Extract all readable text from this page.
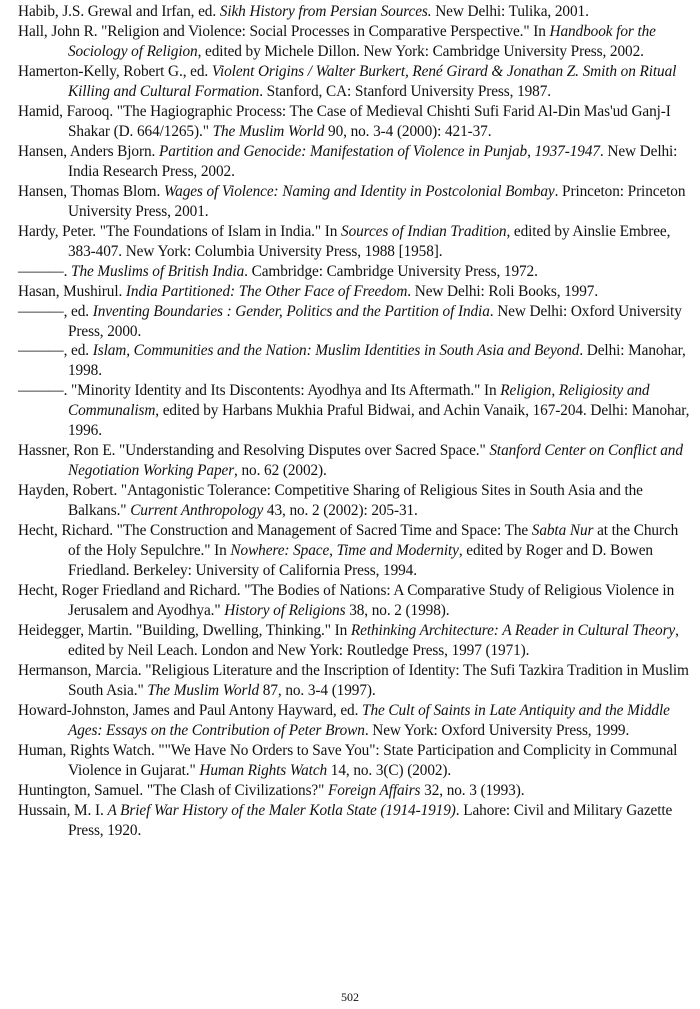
Habib, J.S. Grewal and Irfan, ed. Sikh History from Persian Sources. New Delhi: Tulika, 2001.
Hall, John R. "Religion and Violence: Social Processes in Comparative Perspective." In Handbook for the Sociology of Religion, edited by Michele Dillon. New York: Cambridge University Press, 2002.
Hamerton-Kelly, Robert G., ed. Violent Origins / Walter Burkert, René Girard & Jonathan Z. Smith on Ritual Killing and Cultural Formation. Stanford, CA: Stanford University Press, 1987.
Hamid, Farooq. "The Hagiographic Process: The Case of Medieval Chishti Sufi Farid Al-Din Mas'ud Ganj-I Shakar (D. 664/1265)." The Muslim World 90, no. 3-4 (2000): 421-37.
Hansen, Anders Bjorn. Partition and Genocide: Manifestation of Violence in Punjab, 1937-1947. New Delhi: India Research Press, 2002.
Hansen, Thomas Blom. Wages of Violence: Naming and Identity in Postcolonial Bombay. Princeton: Princeton University Press, 2001.
Hardy, Peter. "The Foundations of Islam in India." In Sources of Indian Tradition, edited by Ainslie Embree, 383-407. New York: Columbia University Press, 1988 [1958].
———. The Muslims of British India. Cambridge: Cambridge University Press, 1972.
Hasan, Mushirul. India Partitioned: The Other Face of Freedom. New Delhi: Roli Books, 1997.
———, ed. Inventing Boundaries : Gender, Politics and the Partition of India. New Delhi: Oxford University Press, 2000.
———, ed. Islam, Communities and the Nation: Muslim Identities in South Asia and Beyond. Delhi: Manohar, 1998.
———. "Minority Identity and Its Discontents: Ayodhya and Its Aftermath." In Religion, Religiosity and Communalism, edited by Harbans Mukhia Praful Bidwai, and Achin Vanaik, 167-204. Delhi: Manohar, 1996.
Hassner, Ron E. "Understanding and Resolving Disputes over Sacred Space." Stanford Center on Conflict and Negotiation Working Paper, no. 62 (2002).
Hayden, Robert. "Antagonistic Tolerance: Competitive Sharing of Religious Sites in South Asia and the Balkans." Current Anthropology 43, no. 2 (2002): 205-31.
Hecht, Richard. "The Construction and Management of Sacred Time and Space: The Sabta Nur at the Church of the Holy Sepulchre." In Nowhere: Space, Time and Modernity, edited by Roger and D. Bowen Friedland. Berkeley: University of California Press, 1994.
Hecht, Roger Friedland and Richard. "The Bodies of Nations: A Comparative Study of Religious Violence in Jerusalem and Ayodhya." History of Religions 38, no. 2 (1998).
Heidegger, Martin. "Building, Dwelling, Thinking." In Rethinking Architecture: A Reader in Cultural Theory, edited by Neil Leach. London and New York: Routledge Press, 1997 (1971).
Hermanson, Marcia. "Religious Literature and the Inscription of Identity: The Sufi Tazkira Tradition in Muslim South Asia." The Muslim World 87, no. 3-4 (1997).
Howard-Johnston, James and Paul Antony Hayward, ed. The Cult of Saints in Late Antiquity and the Middle Ages: Essays on the Contribution of Peter Brown. New York: Oxford University Press, 1999.
Human, Rights Watch. ""We Have No Orders to Save You": State Participation and Complicity in Communal Violence in Gujarat." Human Rights Watch 14, no. 3(C) (2002).
Huntington, Samuel. "The Clash of Civilizations?" Foreign Affairs 32, no. 3 (1993).
Hussain, M. I. A Brief War History of the Maler Kotla State (1914-1919). Lahore: Civil and Military Gazette Press, 1920.
502
